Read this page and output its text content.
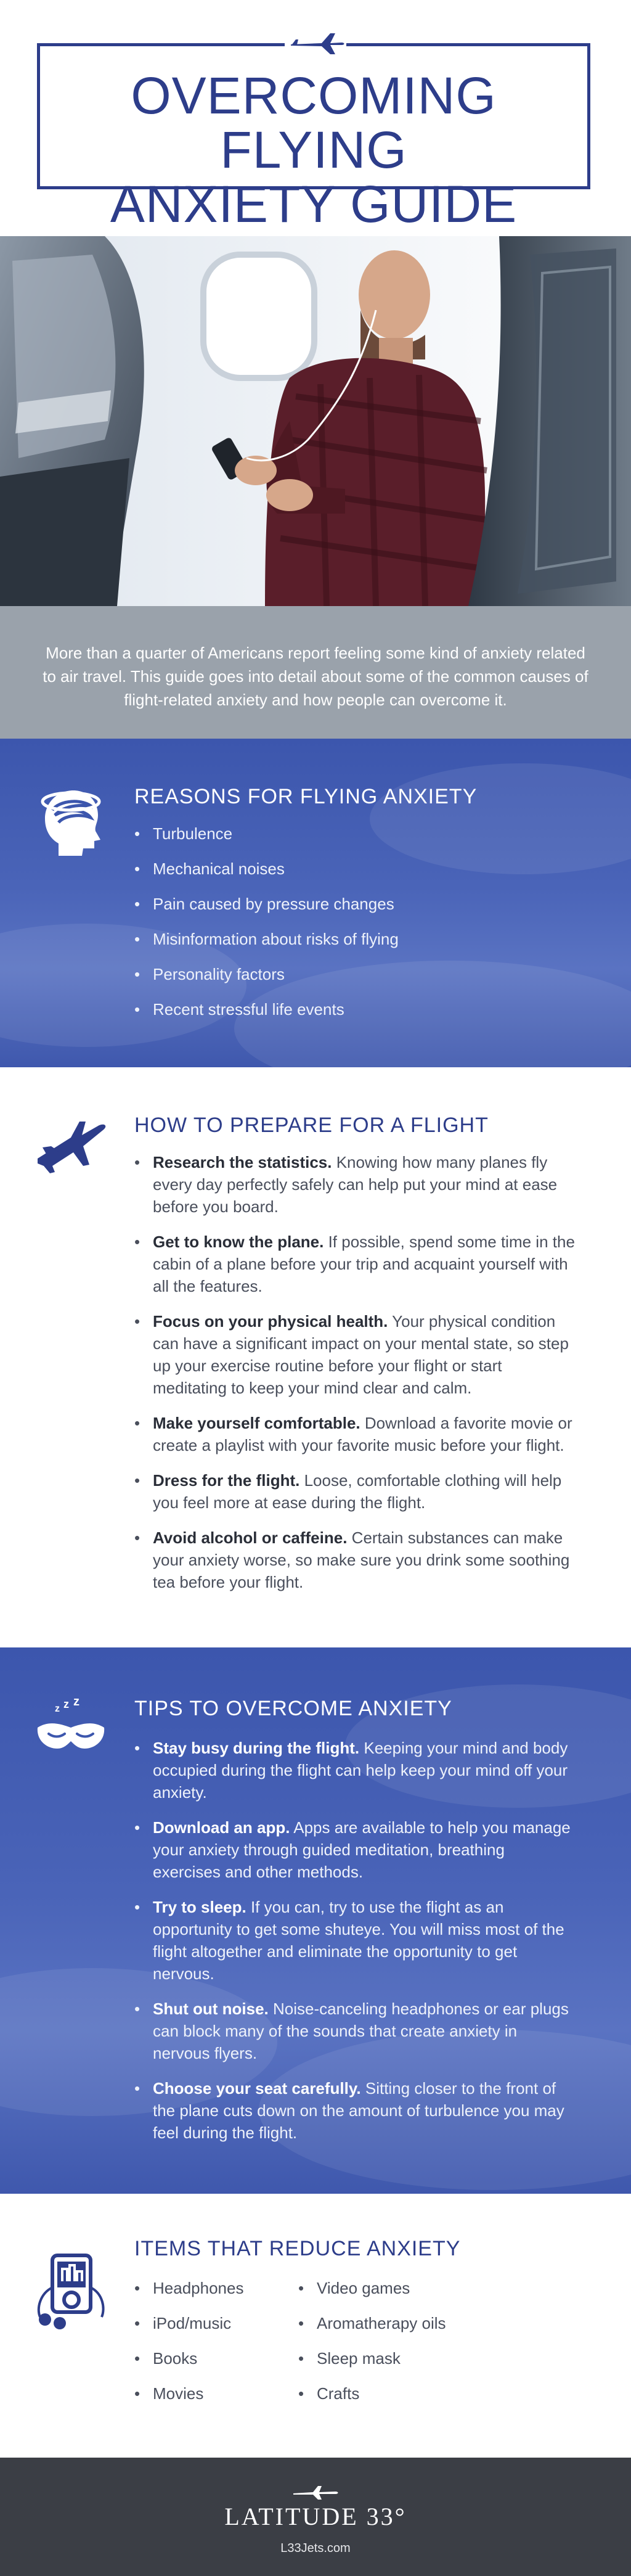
OVERCOMING FLYING
ANXIETY GUIDE
More than a quarter of Americans report feeling some kind of anxiety related to air travel. This guide goes into detail about some of the common causes of flight-related anxiety and how people can overcome it.
REASONS FOR FLYING ANXIETY
• Turbulence
• Mechanical noises
• Pain caused by pressure changes
• Misinformation about risks of flying
• Personality factors
• Recent stressful life events
HOW TO PREPARE FOR A FLIGHT
• Research the statistics. Knowing how many planes fly every day perfectly safely can help put your mind at ease before you board.
• Get to know the plane. If possible, spend some time in the cabin of a plane before your trip and acquaint yourself with all the features.
• Focus on your physical health. Your physical condition can have a significant impact on your mental state, so step up your exercise routine before your flight or start meditating to keep your mind clear and calm.
• Make yourself comfortable. Download a favorite movie or create a playlist with your favorite music before your flight.
• Dress for the flight. Loose, comfortable clothing will help you feel more at ease during the flight.
• Avoid alcohol or caffeine. Certain substances can make your anxiety worse, so make sure you drink some soothing tea before your flight.
z z z	TIPS TO OVERCOME ANXIETY
• Stay busy during the flight. Keeping your mind and body occupied during the flight can help keep your mind off your anxiety.
• Download an app. Apps are available to help you manage your anxiety through guided meditation, breathing exercises and other methods.
• Try to sleep. If you can, try to use the flight as an opportunity to get some shuteye. You will miss most of the flight altogether and eliminate the opportunity to get nervous.
• Shut out noise. Noise-canceling headphones or ear plugs can block many of the sounds that create anxiety in nervous flyers.
• Choose your seat carefully. Sitting closer to the front of the plane cuts down on the amount of turbulence you may feel during the flight.
ITEMS THAT REDUCE ANXIETY
• Headphones
• iPod/music
• Books
• Movies
• Video games
• Aromatherapy oils
• Sleep mask
• Crafts
LATITUDE 33°
L33Jets.com
